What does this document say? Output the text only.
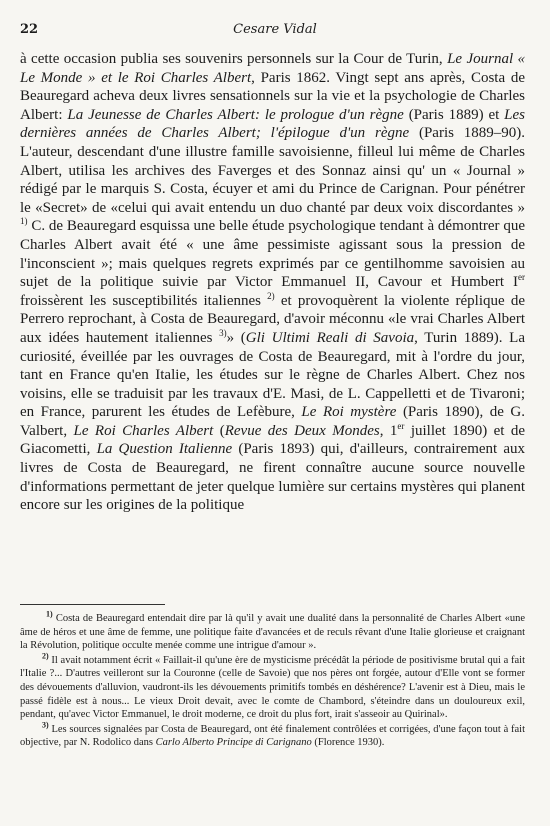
22	Cesare Vidal

à cette occasion publia ses souvenirs personnels sur la Cour de Turin, Le Journal « Le Monde » et le Roi Charles Albert, Paris 1862. Vingt sept ans après, Costa de Beauregard acheva deux livres sensationnels sur la vie et la psychologie de Charles Albert: La Jeunesse de Charles Albert: le prologue d'un règne (Paris 1889) et Les dernières années de Charles Albert; l'épilogue d'un règne (Paris 1889–90). L'auteur, descendant d'une illustre famille savoisienne, filleul lui même de Charles Albert, utilisa les archives des Faverges et des Sonnaz ainsi qu' un « Journal » rédigé par le marquis S. Costa, écuyer et ami du Prince de Carignan. Pour pénétrer le «Secret» de «celui qui avait entendu un duo chanté par deux voix discordantes » $^{1)}$ C. de Beauregard esquissa une belle étude psychologique tendant à démontrer que Charles Albert avait été « une âme pessimiste agissant sous la pression de l'inconscient »; mais quelques regrets exprimés par ce gentilhomme savoisien au sujet de la politique suivie par Victor Emmanuel II, Cavour et Humbert Ier froissèrent les susceptibilités italiennes $^{2)}$ et provoquèrent la violente réplique de Perrero reprochant, à Costa de Beauregard, d'avoir méconnu «le vrai Charles Albert aux idées hautement italiennes $^{3)}$» (Gli Ultimi Reali di Savoia, Turin 1889). La curiosité, éveillée par les ouvrages de Costa de Beauregard, mit à l'ordre du jour, tant en France qu'en Italie, les études sur le règne de Charles Albert. Chez nos voisins, elle se traduisit par les travaux d'E. Masi, de L. Cappelletti et de Tivaroni; en France, parurent les études de Lefèbure, Le Roi mystère (Paris 1890), de G. Valbert, Le Roi Charles Albert (Revue des Deux Mondes, 1er juillet 1890) et de Giacometti, La Question Italienne (Paris 1893) qui, d'ailleurs, contrairement aux livres de Costa de Beauregard, ne firent connaître aucune source nouvelle d'informations permettant de jeter quelque lumière sur certains mystères qui planent encore sur les origines de la politique

$^{1)}$ Costa de Beauregard entendait dire par là qu'il y avait une dualité dans la personnalité de Charles Albert «une âme de héros et une âme de femme, une politique faite d'avancées et de reculs rêvant d'une Italie glorieuse et craignant la Révolution, politique occulte menée comme une intrigue d'amour ».

$^{2)}$ Il avait notamment écrit « Faillait-il qu'une ère de mysticisme précédât la période de positivisme brutal qui a fait l'Italie ?... D'autres veilleront sur la Couronne (celle de Savoie) que nos pères ont forgée, autour d'Elle vont se former des dévouements d'alluvion, vaudront-ils les dévouements primitifs tombés en déshérence? L'avenir est à Dieu, mais le passé fidèle est à nous... Le vieux Droit devait, avec le comte de Chambord, s'éteindre dans un douloureux exil, pendant, qu'avec Victor Emmanuel, le droit moderne, ce droit du plus fort, irait s'asseoir au Quirinal».

$^{3)}$ Les sources signalées par Costa de Beauregard, ont été finalement contrôlées et corrigées, d'une façon tout à fait objective, par N. Rodolico dans Carlo Alberto Principe di Carignano (Florence 1930).
